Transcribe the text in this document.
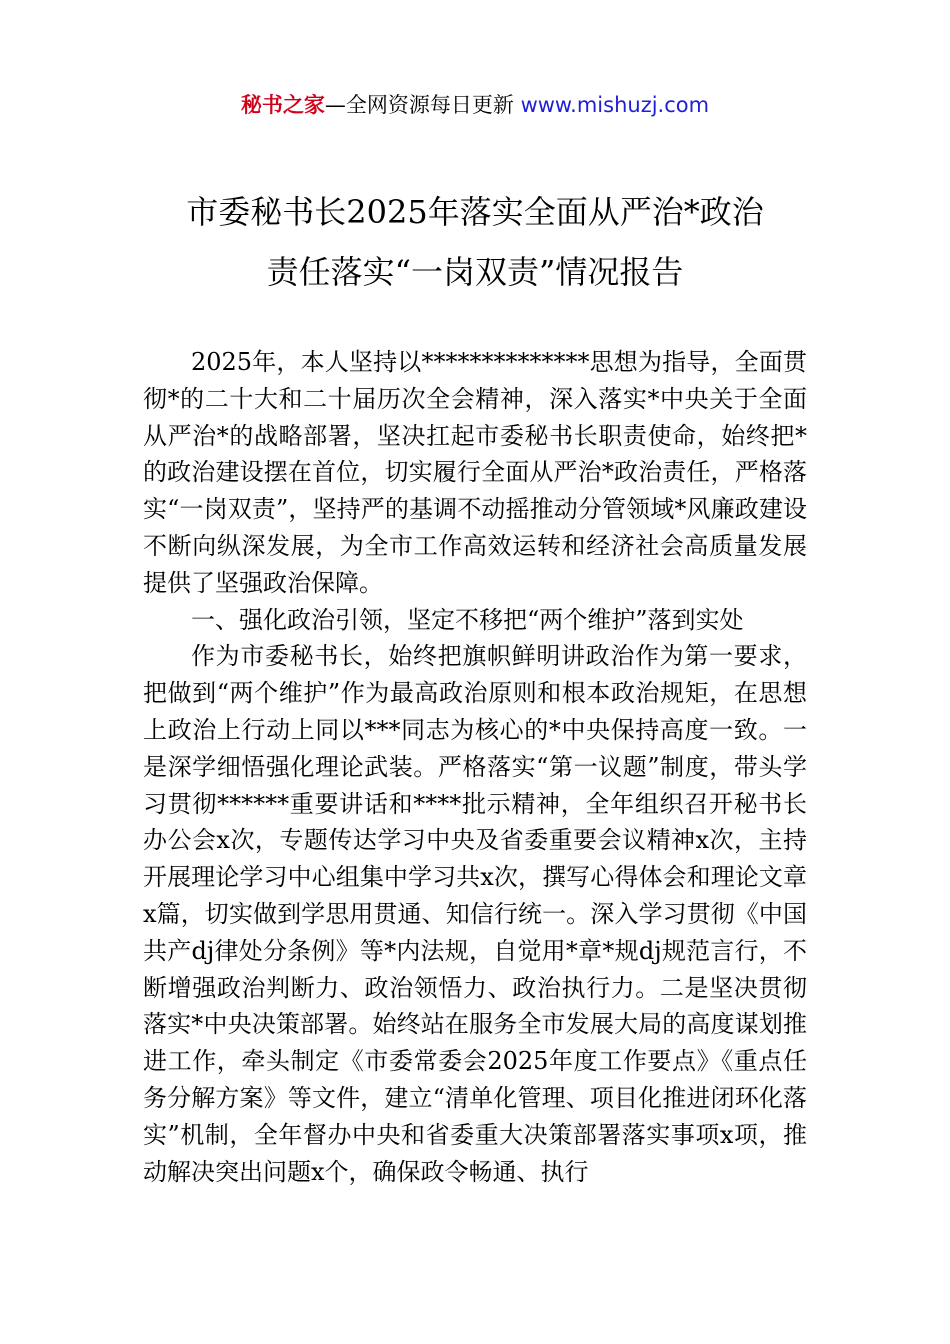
秘书之家—全网资源每日更新 www.mishuzj.com
市委秘书长2025年落实全面从严治*政治
责任落实“一岗双责”情况报告

2025年，本人坚持以**************思想为指导，全面贯彻*的二十大和二十届历次全会精神，深入落实*中央关于全面从严治*的战略部署，坚决扛起市委秘书长职责使命，始终把*的政治建设摆在首位，切实履行全面从严治*政治责任，严格落实“一岗双责”，坚持严的基调不动摇推动分管领域*风廉政建设不断向纵深发展，为全市工作高效运转和经济社会高质量发展提供了坚强政治保障。

一、强化政治引领，坚定不移把“两个维护”落到实处

作为市委秘书长，始终把旗帜鲜明讲政治作为第一要求，把做到“两个维护”作为最高政治原则和根本政治规矩，在思想上政治上行动上同以***同志为核心的*中央保持高度一致。一是深学细悟强化理论武装。严格落实“第一议题”制度，带头学习贯彻******重要讲话和****批示精神，全年组织召开秘书长办公会x次，专题传达学习中央及省委重要会议精神x次，主持开展理论学习中心组集中学习共x次，撰写心得体会和理论文章x篇，切实做到学思用贯通、知信行统一。深入学习贯彻《中国共产dj律处分条例》等*内法规，自觉用*章*规dj规范言行，不断增强政治判断力、政治领悟力、政治执行力。二是坚决贯彻落实*中央决策部署。始终站在服务全市发展大局的高度谋划推进工作，牵头制定《市委常委会2025年度工作要点》《重点任务分解方案》等文件，建立“清单化管理、项目化推进闭环化落实”机制，全年督办中央和省委重大决策部署落实事项x项，推动解决突出问题x个，确保政令畅通、执行
